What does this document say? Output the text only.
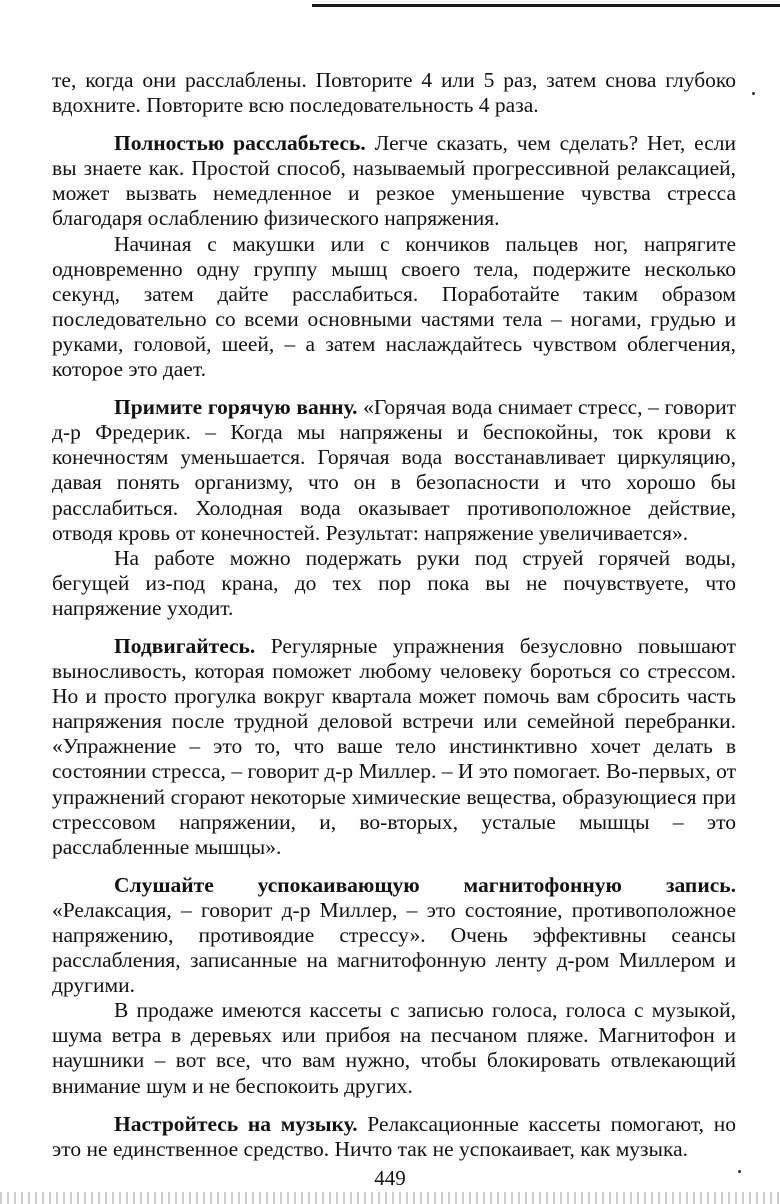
те, когда они расслаблены. Повторите 4 или 5 раз, затем снова глубоко вдохните. Повторите всю последовательность 4 раза.

Полностью расслабьтесь. Легче сказать, чем сделать? Нет, если вы знаете как. Простой способ, называемый прогрессивной релаксацией, может вызвать немедленное и резкое уменьшение чувства стресса благодаря ослаблению физического напряжения.

Начиная с макушки или с кончиков пальцев ног, напрягите одновременно одну группу мышц своего тела, подержите несколько секунд, затем дайте расслабиться. Поработайте таким образом последовательно со всеми основными частями тела – ногами, грудью и руками, головой, шеей, – а затем наслаждайтесь чувством облегчения, которое это дает.

Примите горячую ванну. «Горячая вода снимает стресс, – говорит д-р Фредерик. – Когда мы напряжены и беспокойны, ток крови к конечностям уменьшается. Горячая вода восстанавливает циркуляцию, давая понять организму, что он в безопасности и что хорошо бы расслабиться. Холодная вода оказывает противоположное действие, отводя кровь от конечностей. Результат: напряжение увеличивается».

На работе можно подержать руки под струей горячей воды, бегущей из-под крана, до тех пор пока вы не почувствуете, что напряжение уходит.

Подвигайтесь. Регулярные упражнения безусловно повышают выносливость, которая поможет любому человеку бороться со стрессом. Но и просто прогулка вокруг квартала может помочь вам сбросить часть напряжения после трудной деловой встречи или семейной перебранки. «Упражнение – это то, что ваше тело инстинктивно хочет делать в состоянии стресса, – говорит д-р Миллер. – И это помогает. Во-первых, от упражнений сгорают некоторые химические вещества, образующиеся при стрессовом напряжении, и, во-вторых, усталые мышцы – это расслабленные мышцы».

Слушайте успокаивающую магнитофонную запись. «Релаксация, – говорит д-р Миллер, – это состояние, противоположное напряжению, противоядие стрессу». Очень эффективны сеансы расслабления, записанные на магнитофонную ленту д-ром Миллером и другими.

В продаже имеются кассеты с записью голоса, голоса с музыкой, шума ветра в деревьях или прибоя на песчаном пляже. Магнитофон и наушники – вот все, что вам нужно, чтобы блокировать отвлекающий внимание шум и не беспокоить других.

Настройтесь на музыку. Релаксационные кассеты помогают, но это не единственное средство. Ничто так не успокаивает, как музыка.

449
